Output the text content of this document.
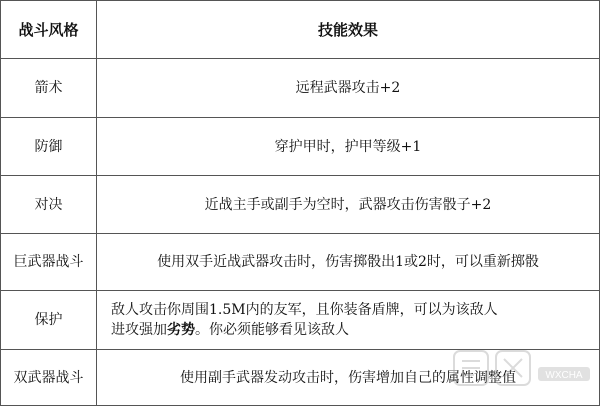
战斗风格	技能效果
箭术	远程武器攻击+2
防御	穿护甲时，护甲等级+1
对决	近战主手或副手为空时，武器攻击伤害骰子+2
巨武器战斗	使用双手近战武器攻击时，伤害掷骰出1或2时，可以重新掷骰
保护	敌人攻击你周围1.5M内的友军，且你装备盾牌，可以为该敌人
进攻强加劣势。你必须能够看见该敌人

双武器战斗	使用副手武器发动攻击时，伤害增加自己的属性调整值	WXCHA
